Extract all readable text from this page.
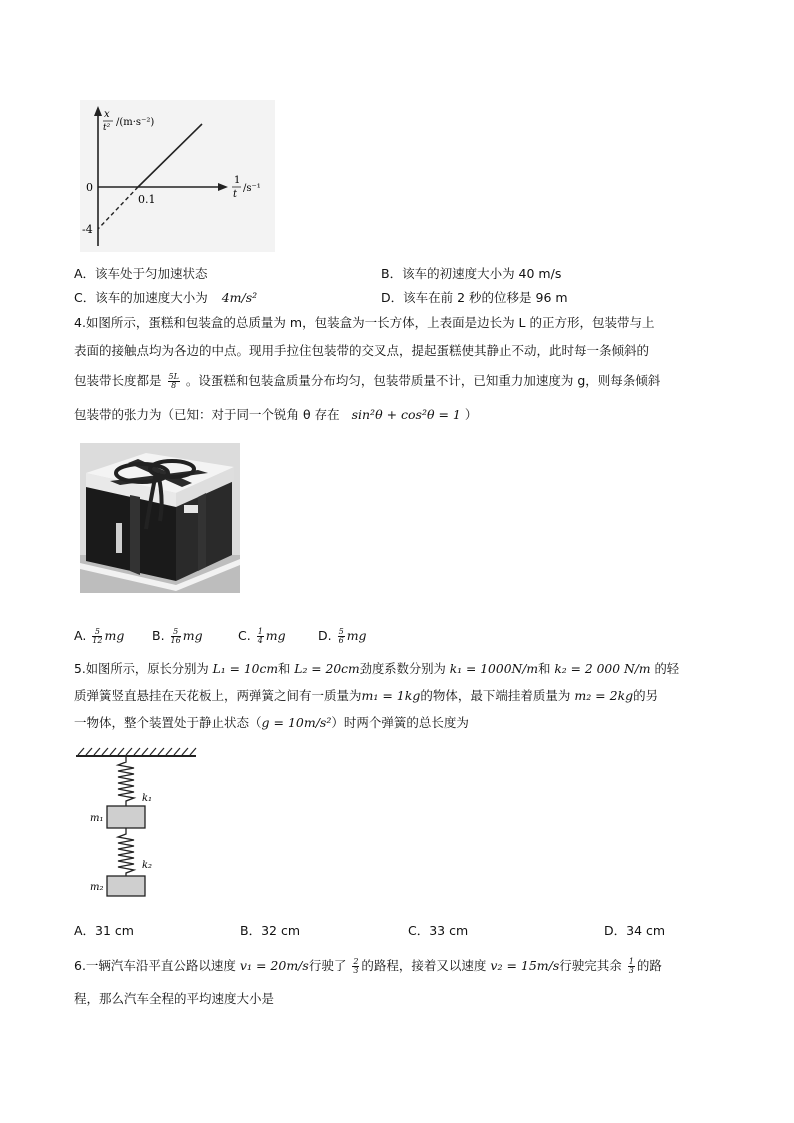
x
t² /(m·s⁻²)
1
t
/s⁻¹
0
0.1
-4
A．该车处于匀加速状态	B．该车的初速度大小为 40 m/s
C．该车的加速度大小为 4m/s²	D．该车在前 2 秒的位移是 96 m
4.如图所示，蛋糕和包装盒的总质量为 m，包装盒为一长方体，上表面是边长为 L 的正方形，包装带与上
表面的接触点均为各边的中点。现用手拉住包装带的交叉点，提起蛋糕使其静止不动，此时每一条倾斜的
包装带长度都是 $\frac{5L}{8}$ 。设蛋糕和包装盒质量分布均匀，包装带质量不计，已知重力加速度为 g，则每条倾斜
包装带的张力为（已知：对于同一个锐角 θ 存在 sin²θ + cos²θ = 1 ）
A. $\frac{5}{12}$ mg B. $\frac{5}{16}$ mg	C. $\frac{1}{4}$ mg	D. $\frac{5}{6}$ mg
5.如图所示，原长分别为 L₁ = 10cm和 L₂ = 20cm劲度系数分别为 k₁ = 1000N/m和 k₂ = 2 000 N/m 的轻
质弹簧竖直悬挂在天花板上，两弹簧之间有一质量为m₁ = 1kg的物体，最下端挂着质量为 m₂ = 2kg的另
一物体，整个装置处于静止状态（g = 10m/s²）时两个弹簧的总长度为
k₁
k₂
m₁
m₂
A．31 cm	B．32 cm	C．33 cm	D．34 cm
6.一辆汽车沿平直公路以速度 v₁ = 20m/s行驶了 $\frac{2}{3}$ 的路程，接着又以速度 v₂ = 15m/s行驶完其余 $\frac{1}{3}$ 的路
程，那么汽车全程的平均速度大小是
